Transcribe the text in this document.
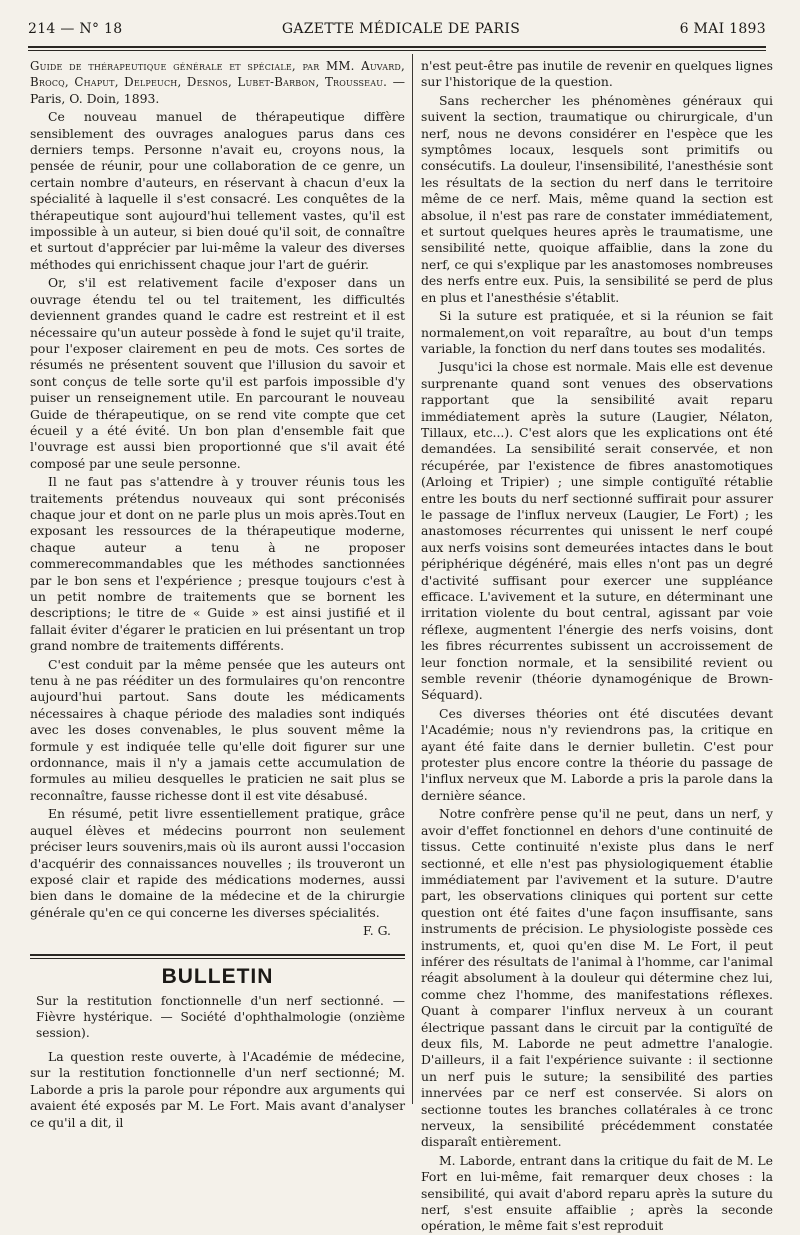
214 — N° 18	GAZETTE MÉDICALE DE PARIS	6 MAI 1893

Guide de thérapeutique générale et spéciale, par MM. Auvard, Brocq, Chaput, Delpeuch, Desnos, Lubet-Barbon, Trousseau. — Paris, O. Doin, 1893.

Ce nouveau manuel de thérapeutique diffère sensiblement des ouvrages analogues parus dans ces derniers temps. Personne n'avait eu, croyons nous, la pensée de réunir, pour une collaboration de ce genre, un certain nombre d'auteurs, en réservant à chacun d'eux la spécialité à laquelle il s'est consacré. Les conquêtes de la thérapeutique sont aujourd'hui tellement vastes, qu'il est impossible à un auteur, si bien doué qu'il soit, de connaître et surtout d'apprécier par lui-même la valeur des diverses méthodes qui enrichissent chaque jour l'art de guérir.

Or, s'il est relativement facile d'exposer dans un ouvrage étendu tel ou tel traitement, les difficultés deviennent grandes quand le cadre est restreint et il est nécessaire qu'un auteur possède à fond le sujet qu'il traite, pour l'exposer clairement en peu de mots. Ces sortes de résumés ne présentent souvent que l'illusion du savoir et sont conçus de telle sorte qu'il est parfois impossible d'y puiser un renseignement utile. En parcourant le nouveau Guide de thérapeutique, on se rend vite compte que cet écueil y a été évité. Un bon plan d'ensemble fait que l'ouvrage est aussi bien proportionné que s'il avait été composé par une seule personne.

Il ne faut pas s'attendre à y trouver réunis tous les traitements prétendus nouveaux qui sont préconisés chaque jour et dont on ne parle plus un mois après.Tout en exposant les ressources de la thérapeutique moderne, chaque auteur a tenu à ne proposer commerecommandables que les méthodes sanctionnées par le bon sens et l'expérience ; presque toujours c'est à un petit nombre de traitements que se bornent les descriptions; le titre de « Guide » est ainsi justifié et il fallait éviter d'égarer le praticien en lui présentant un trop grand nombre de traitements différents.

C'est conduit par la même pensée que les auteurs ont tenu à ne pas rééditer un des formulaires qu'on rencontre aujourd'hui partout. Sans doute les médicaments nécessaires à chaque période des maladies sont indiqués avec les doses convenables, le plus souvent même la formule y est indiquée telle qu'elle doit figurer sur une ordonnance, mais il n'y a jamais cette accumulation de formules au milieu desquelles le praticien ne sait plus se reconnaître, fausse richesse dont il est vite désabusé.

En résumé, petit livre essentiellement pratique, grâce auquel élèves et médecins pourront non seulement préciser leurs souvenirs,mais où ils auront aussi l'occasion d'acquérir des connaissances nouvelles ; ils trouveront un exposé clair et rapide des médications modernes, aussi bien dans le domaine de la médecine et de la chirurgie générale qu'en ce qui concerne les diverses spécialités.

F. G.
BULLETIN

Sur la restitution fonctionnelle d'un nerf sectionné. — Fièvre hystérique. — Société d'ophthalmologie (onzième session).

La question reste ouverte, à l'Académie de médecine, sur la restitution fonctionnelle d'un nerf sectionné; M. Laborde a pris la parole pour répondre aux arguments qui avaient été exposés par M. Le Fort. Mais avant d'analyser ce qu'il a dit, il

n'est peut-être pas inutile de revenir en quelques lignes sur l'historique de la question.

Sans rechercher les phénomènes généraux qui suivent la section, traumatique ou chirurgicale, d'un nerf, nous ne devons considérer en l'espèce que les symptômes locaux, lesquels sont primitifs ou consécutifs. La douleur, l'insensibilité, l'anesthésie sont les résultats de la section du nerf dans le territoire même de ce nerf. Mais, même quand la section est absolue, il n'est pas rare de constater immédiatement, et surtout quelques heures après le traumatisme, une sensibilité nette, quoique affaiblie, dans la zone du nerf, ce qui s'explique par les anastomoses nombreuses des nerfs entre eux. Puis, la sensibilité se perd de plus en plus et l'anesthésie s'établit.

Si la suture est pratiquée, et si la réunion se fait normalement,on voit reparaître, au bout d'un temps variable, la fonction du nerf dans toutes ses modalités.

Jusqu'ici la chose est normale. Mais elle est devenue surprenante quand sont venues des observations rapportant que la sensibilité avait reparu immédiatement après la suture (Laugier, Nélaton, Tillaux, etc...). C'est alors que les explications ont été demandées. La sensibilité serait conservée, et non récupérée, par l'existence de fibres anastomotiques (Arloing et Tripier) ; une simple contiguïté rétablie entre les bouts du nerf sectionné suffirait pour assurer le passage de l'influx nerveux (Laugier, Le Fort) ; les anastomoses récurrentes qui unissent le nerf coupé aux nerfs voisins sont demeurées intactes dans le bout périphérique dégénéré, mais elles n'ont pas un degré d'activité suffisant pour exercer une suppléance efficace. L'avivement et la suture, en déterminant une irritation violente du bout central, agissant par voie réflexe, augmentent l'énergie des nerfs voisins, dont les fibres récurrentes subissent un accroissement de leur fonction normale, et la sensibilité revient ou semble revenir (théorie dynamogénique de Brown-Séquard).

Ces diverses théories ont été discutées devant l'Académie; nous n'y reviendrons pas, la critique en ayant été faite dans le dernier bulletin. C'est pour protester plus encore contre la théorie du passage de l'influx nerveux que M. Laborde a pris la parole dans la dernière séance.

Notre confrère pense qu'il ne peut, dans un nerf, y avoir d'effet fonctionnel en dehors d'une continuité de tissus. Cette continuité n'existe plus dans le nerf sectionné, et elle n'est pas physiologiquement établie immédiatement par l'avivement et la suture. D'autre part, les observations cliniques qui portent sur cette question ont été faites d'une façon insuffisante, sans instruments de précision. Le physiologiste possède ces instruments, et, quoi qu'en dise M. Le Fort, il peut inférer des résultats de l'animal à l'homme, car l'animal réagit absolument à la douleur qui détermine chez lui, comme chez l'homme, des manifestations réflexes. Quant à comparer l'influx nerveux à un courant électrique passant dans le circuit par la contiguïté de deux fils, M. Laborde ne peut admettre l'analogie. D'ailleurs, il a fait l'expérience suivante : il sectionne un nerf puis le suture; la sensibilité des parties innervées par ce nerf est conservée. Si alors on sectionne toutes les branches collatérales à ce tronc nerveux, la sensibilité précédemment constatée disparaît entièrement.

M. Laborde, entrant dans la critique du fait de M. Le Fort en lui-même, fait remarquer deux choses : la sensibilité, qui avait d'abord reparu après la suture du nerf, s'est ensuite affaiblie ; après la seconde opération, le même fait s'est reproduit
